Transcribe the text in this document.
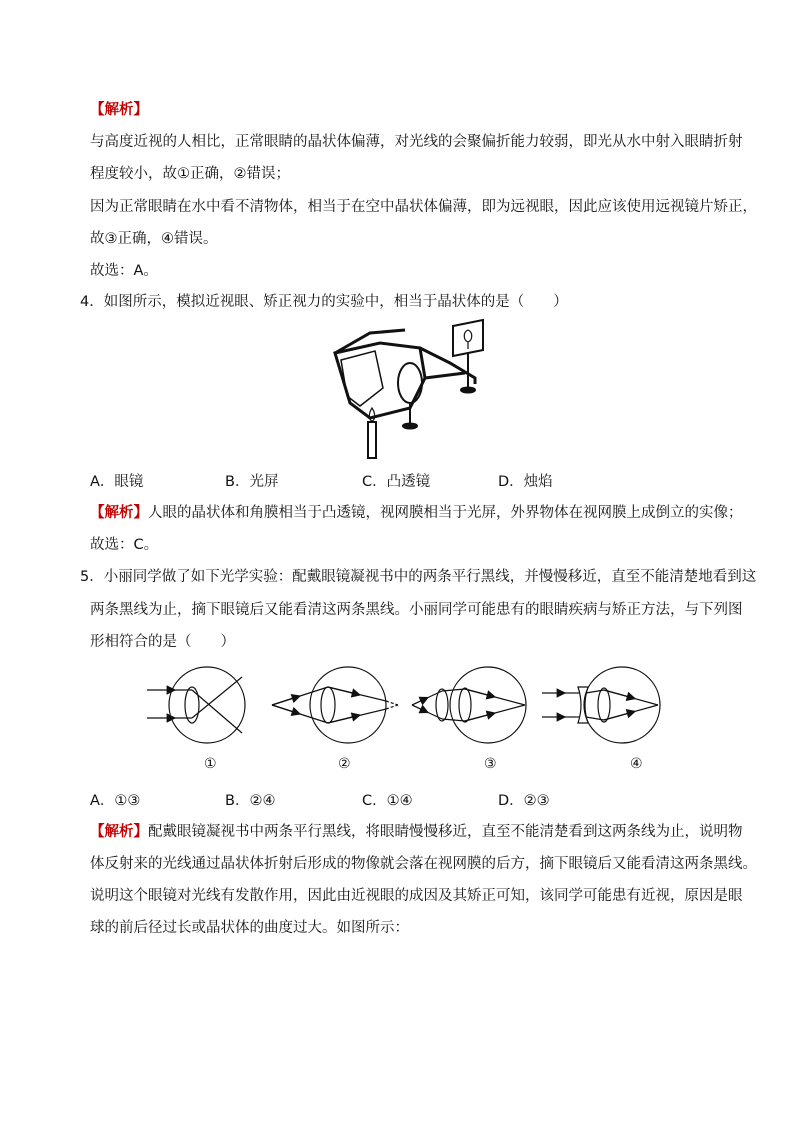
【解析】
与高度近视的人相比，正常眼睛的晶状体偏薄，对光线的会聚偏折能力较弱，即光从水中射入眼睛折射
程度较小，故①正确，②错误；
因为正常眼睛在水中看不清物体，相当于在空中晶状体偏薄，即为远视眼，因此应该使用远视镜片矫正，
故③正确，④错误。
故选：A。
4．如图所示，模拟近视眼、矫正视力的实验中，相当于晶状体的是（　　）
A．眼镜	B．光屏	C．凸透镜	D．烛焰
【解析】人眼的晶状体和角膜相当于凸透镜，视网膜相当于光屏，外界物体在视网膜上成倒立的实像；
故选：C。
5．小丽同学做了如下光学实验：配戴眼镜凝视书中的两条平行黑线，并慢慢移近，直至不能清楚地看到这
两条黑线为止，摘下眼镜后又能看清这两条黑线。小丽同学可能患有的眼睛疾病与矫正方法，与下列图
形相符合的是（　　）
①	②	③	④
A．①③	B．②④	C．①④	D．②③
【解析】配戴眼镜凝视书中两条平行黑线，将眼睛慢慢移近，直至不能清楚看到这两条线为止，说明物
体反射来的光线通过晶状体折射后形成的物像就会落在视网膜的后方，摘下眼镜后又能看清这两条黑线。
说明这个眼镜对光线有发散作用，因此由近视眼的成因及其矫正可知，该同学可能患有近视，原因是眼
球的前后径过长或晶状体的曲度过大。如图所示：
